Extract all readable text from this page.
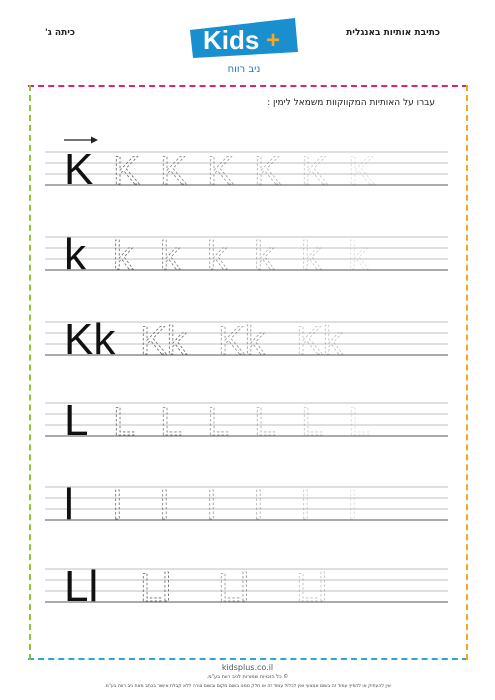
כתיבת אותיות באנגלית
כיתה ג'	Kids +
ניב רווח
עברו על האותיות המקווקוות משמאל לימין :
K K K K K K K
k k k k k k k
Kk Kk Kk Kk
L L L L L L L
l l l l l l l
Ll Ll Ll Ll
kidsplus.co.il
© כל הזכויות שמורות לניב רווח בע"מ.
אין להעתיק או להפיץ עמוד זה בשום אמצעי ואין לכלול עמוד זה או חלק ממנו בשום מקום ובשום צורה ללא קבלת אישור בכתב מאת ניב רווח בע"מ.
